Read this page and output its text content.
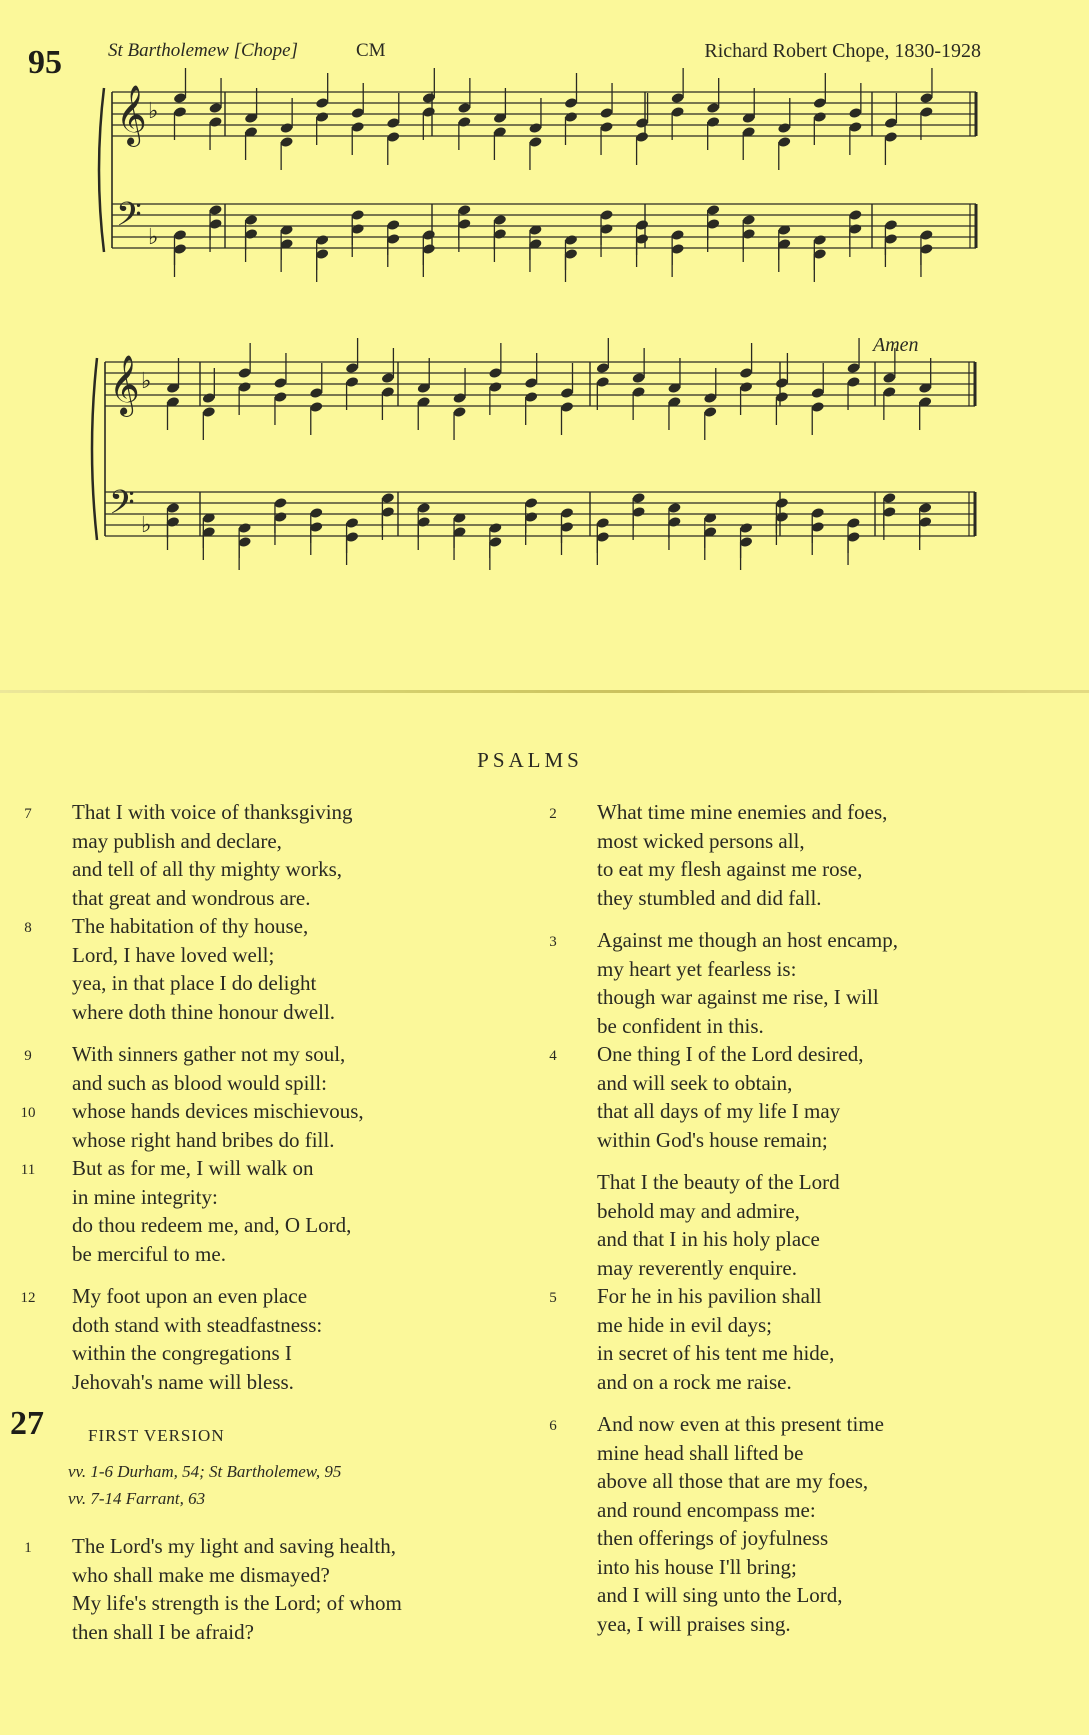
95 St Bartholemew [Chope]	CM	Richard Robert Chope, 1830-1928
Amen
𝄞 ♭
𝄢 ♭
𝄞 ♭
𝄢 ♭
PSALMS
7	That I with voice of thanksgiving
may publish and declare,
and tell of all thy mighty works,
that great and wondrous are.
8	The habitation of thy house,
Lord, I have loved well;
yea, in that place I do delight
where doth thine honour dwell.
9	With sinners gather not my soul,
and such as blood would spill:
10	whose hands devices mischievous,
whose right hand bribes do fill.
11	But as for me, I will walk on
in mine integrity:
do thou redeem me, and, O Lord,
be merciful to me.
12	My foot upon an even place
doth stand with steadfastness:
within the congregations I
Jehovah's name will bless.
27	FIRST VERSION
vv. 1-6 Durham, 54; St Bartholemew, 95
vv. 7-14 Farrant, 63
1	The Lord's my light and saving health,
who shall make me dismayed?
My life's strength is the Lord; of whom
then shall I be afraid?
2	What time mine enemies and foes,
most wicked persons all,
to eat my flesh against me rose,
they stumbled and did fall.
3	Against me though an host encamp,
my heart yet fearless is:
though war against me rise, I will
be confident in this.
4	One thing I of the Lord desired,
and will seek to obtain,
that all days of my life I may
within God's house remain;
That I the beauty of the Lord
behold may and admire,
and that I in his holy place
may reverently enquire.
5	For he in his pavilion shall
me hide in evil days;
in secret of his tent me hide,
and on a rock me raise.
6	And now even at this present time
mine head shall lifted be
above all those that are my foes,
and round encompass me:
then offerings of joyfulness
into his house I'll bring;
and I will sing unto the Lord,
yea, I will praises sing.
